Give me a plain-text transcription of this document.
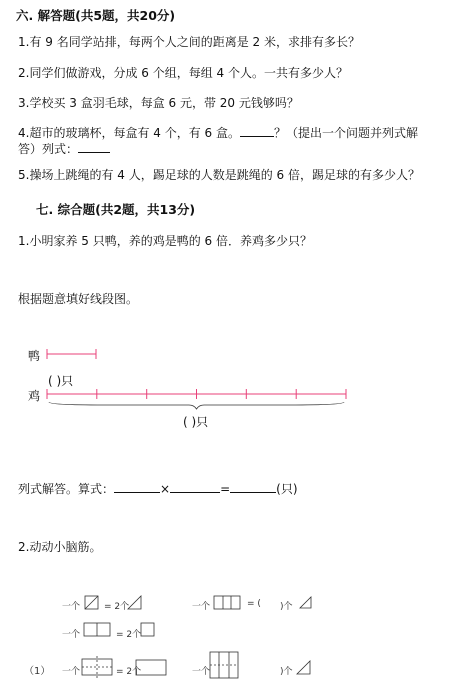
六. 解答题(共5题，共20分)
1.有 9 名同学站排，每两个人之间的距离是 2 米，求排有多长？
2.同学们做游戏，分成 6 个组，每组 4 个人。一共有多少人？
3.学校买 3 盒羽毛球，每盒 6 元，带 20 元钱够吗？
4.超市的玻璃杯，每盒有 4 个，有 6 盒。	？（提出一个问题并列式解
答）列式：
5.操场上跳绳的有 4 人，踢足球的人数是跳绳的 6 倍，踢足球的有多少人？
七. 综合题(共2题，共13分)
1.小明家养 5 只鸭，养的鸡是鸭的 6 倍．养鸡多少只？
根据题意填好线段图。
鸭
( )只
鸡
( )只
列式解答。算式：	×	=	(只)
2.动动小脑筋。
一个	= 2个	一个	= ( )个
一个	= 2个
（1） 一个	= 2个	一个	)个
